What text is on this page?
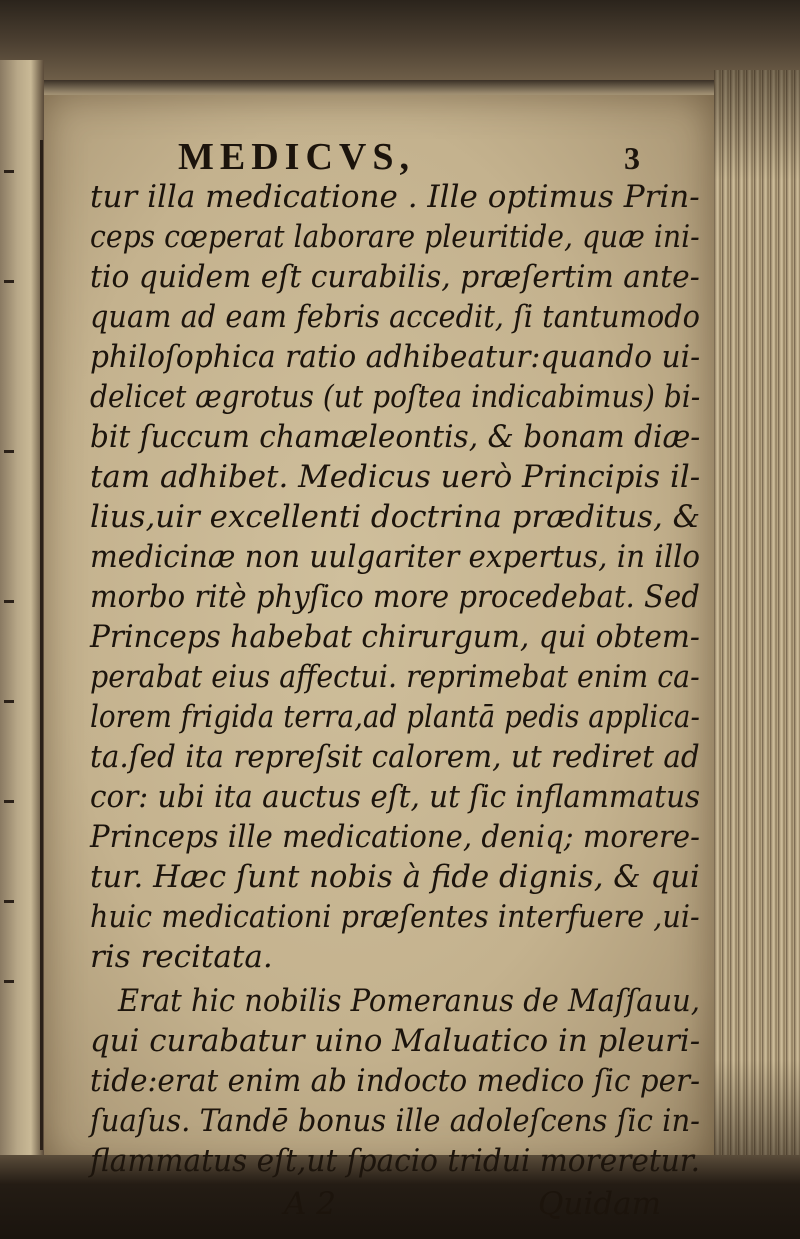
MEDICVS,	3
tur illa medicatione . Ille optimus Prin-
ceps cœperat laborare pleuritide, quæ ini-
tio quidem eſt curabilis, præſertim ante-
quam ad eam febris accedit, ſi tantumodo
philoſophica ratio adhibeatur:quando ui-
delicet ægrotus (ut poſtea indicabimus) bi-
bit ſuccum chamæleontis, & bonam diæ-
tam adhibet. Medicus uerò Principis il-
lius,uir excellenti doctrina præditus, &
medicinæ non uulgariter expertus, in illo
morbo ritè phyſico more procedebat. Sed
Princeps habebat chirurgum, qui obtem-
perabat eius affectui. reprimebat enim ca-
lorem frigida terra,ad plantā pedis applica-
ta.ſed ita repreſsit calorem, ut rediret ad
cor: ubi ita auctus eſt, ut ſic inflammatus
Princeps ille medicatione, deniq; morere-
tur. Hæc ſunt nobis à fide dignis, & qui
huic medicationi præſentes interfuere ,ui-
ris recitata.
Erat hic nobilis Pomeranus de Maſſauu,
qui curabatur uino Maluatico in pleuri-
tide:erat enim ab indocto medico ſic per-
ſuaſus. Tandē bonus ille adoleſcens ſic in-
flammatus eſt,ut ſpacio tridui moreretur.
A 2	Quidam
